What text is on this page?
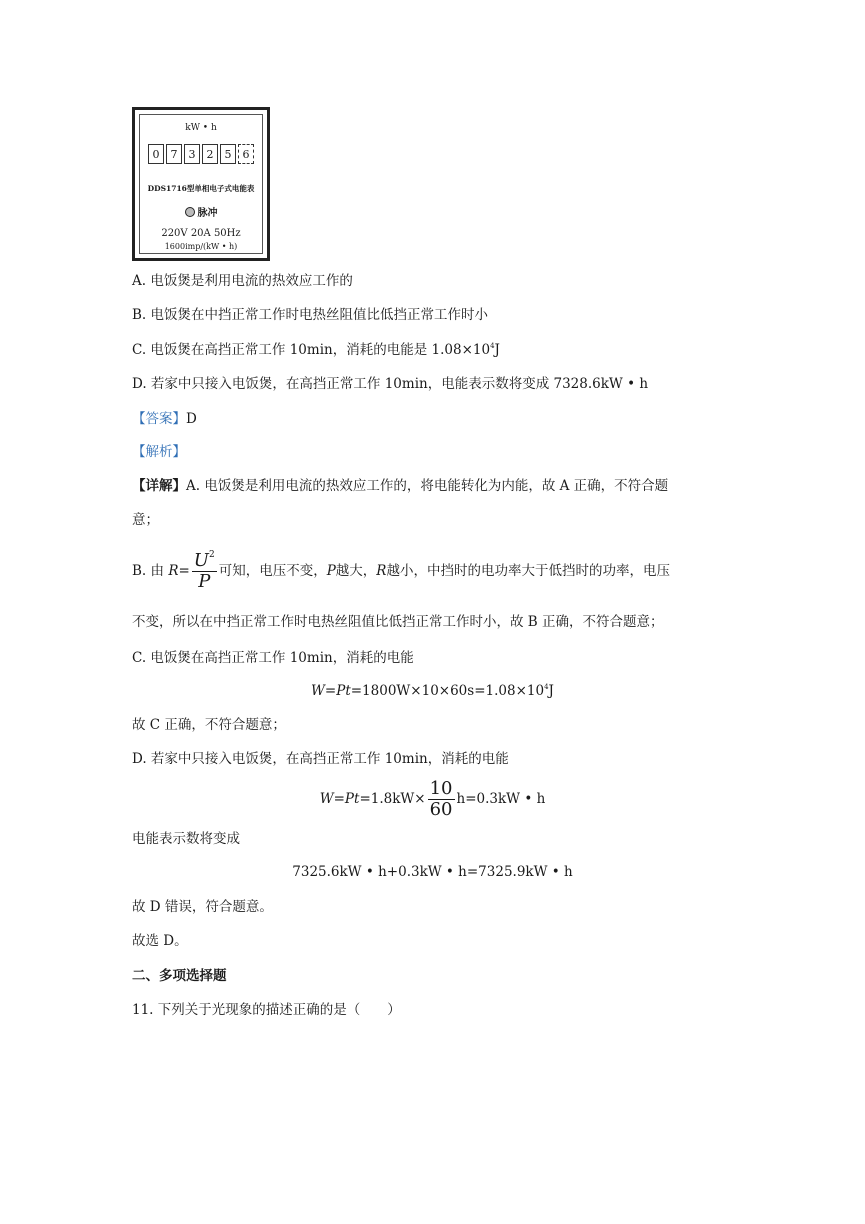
kW • h
0	7	3	2	5	6
DDS1716型单相电子式电能表
脉冲
220V 20A 50Hz
1600imp/(kW • h)
A. 电饭煲是利用电流的热效应工作的
B. 电饭煲在中挡正常工作时电热丝阻值比低挡正常工作时小
C. 电饭煲在高挡正常工作 10min，消耗的电能是 $1.08\times 10^4J$
D. 若家中只接入电饭煲，在高挡正常工作 10min，电能表示数将变成 7328.6kW • h
【答案】D
【解析】
【详解】A. 电饭煲是利用电流的热效应工作的，将电能转化为内能，故 A 正确，不符合题
意；
B. 由 $R= \frac{U^2}{P}$ 可知，电压不变，P越大，R越小，中挡时的电功率大于低挡时的功率，电压
不变，所以在中挡正常工作时电热丝阻值比低挡正常工作时小，故 B 正确，不符合题意；
C. 电饭煲在高挡正常工作 10min，消耗的电能
$W=Pt=1800W\times 10\times 60s=1.08\times 10^4J$
故 C 正确，不符合题意；
D. 若家中只接入电饭煲，在高挡正常工作 10min，消耗的电能
$W=Pt=1.8kW\times \frac{10}{60} h=0.3kW$ • h
电能表示数将变成
7325.6kW • h+0.3kW • h=7325.9kW • h
故 D 错误，符合题意。
故选 D。
二、多项选择题
11. 下列关于光现象的描述正确的是（　　）
